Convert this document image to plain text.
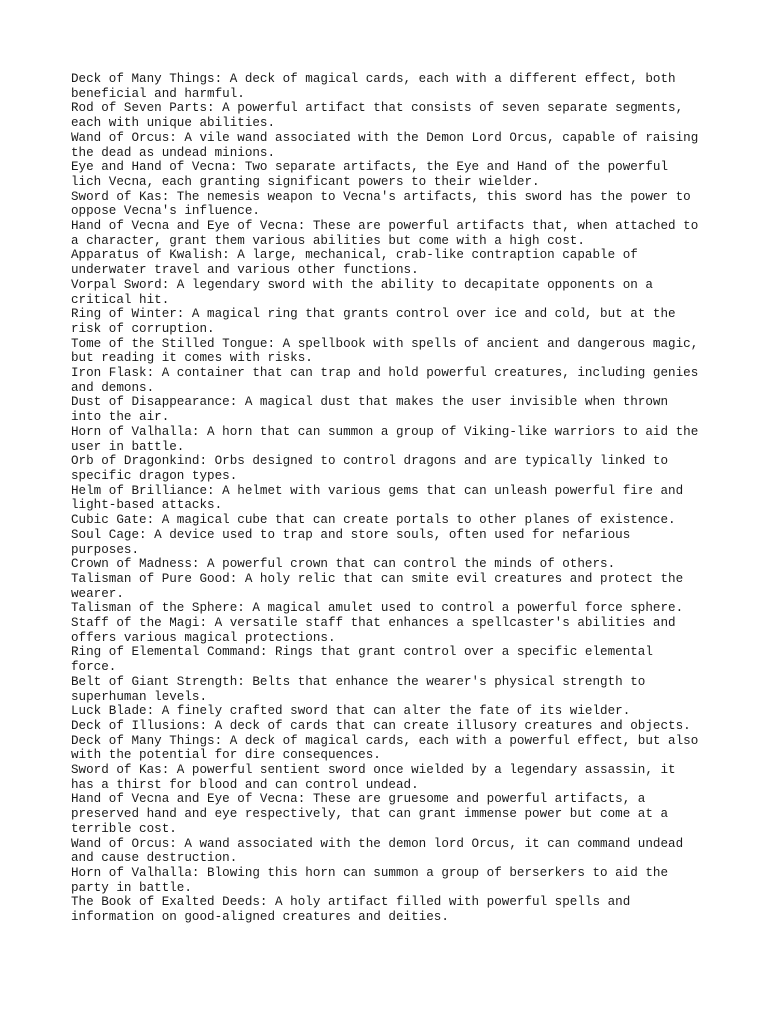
Deck of Many Things: A deck of magical cards, each with a different effect, both
beneficial and harmful.

Rod of Seven Parts: A powerful artifact that consists of seven separate segments,
each with unique abilities.

Wand of Orcus: A vile wand associated with the Demon Lord Orcus, capable of raising
the dead as undead minions.

Eye and Hand of Vecna: Two separate artifacts, the Eye and Hand of the powerful
lich Vecna, each granting significant powers to their wielder.

Sword of Kas: The nemesis weapon to Vecna's artifacts, this sword has the power to
oppose Vecna's influence.

Hand of Vecna and Eye of Vecna: These are powerful artifacts that, when attached to
a character, grant them various abilities but come with a high cost.

Apparatus of Kwalish: A large, mechanical, crab-like contraption capable of
underwater travel and various other functions.

Vorpal Sword: A legendary sword with the ability to decapitate opponents on a
critical hit.

Ring of Winter: A magical ring that grants control over ice and cold, but at the
risk of corruption.

Tome of the Stilled Tongue: A spellbook with spells of ancient and dangerous magic,
but reading it comes with risks.

Iron Flask: A container that can trap and hold powerful creatures, including genies
and demons.

Dust of Disappearance: A magical dust that makes the user invisible when thrown
into the air.

Horn of Valhalla: A horn that can summon a group of Viking-like warriors to aid the
user in battle.

Orb of Dragonkind: Orbs designed to control dragons and are typically linked to
specific dragon types.

Helm of Brilliance: A helmet with various gems that can unleash powerful fire and
light-based attacks.

Cubic Gate: A magical cube that can create portals to other planes of existence.

Soul Cage: A device used to trap and store souls, often used for nefarious
purposes.

Crown of Madness: A powerful crown that can control the minds of others.

Talisman of Pure Good: A holy relic that can smite evil creatures and protect the
wearer.

Talisman of the Sphere: A magical amulet used to control a powerful force sphere.

Staff of the Magi: A versatile staff that enhances a spellcaster's abilities and
offers various magical protections.

Ring of Elemental Command: Rings that grant control over a specific elemental
force.

Belt of Giant Strength: Belts that enhance the wearer's physical strength to
superhuman levels.

Luck Blade: A finely crafted sword that can alter the fate of its wielder.

Deck of Illusions: A deck of cards that can create illusory creatures and objects.

Deck of Many Things: A deck of magical cards, each with a powerful effect, but also
with the potential for dire consequences.

Sword of Kas: A powerful sentient sword once wielded by a legendary assassin, it
has a thirst for blood and can control undead.

Hand of Vecna and Eye of Vecna: These are gruesome and powerful artifacts, a
preserved hand and eye respectively, that can grant immense power but come at a
terrible cost.

Wand of Orcus: A wand associated with the demon lord Orcus, it can command undead
and cause destruction.

Horn of Valhalla: Blowing this horn can summon a group of berserkers to aid the
party in battle.

The Book of Exalted Deeds: A holy artifact filled with powerful spells and
information on good-aligned creatures and deities.
